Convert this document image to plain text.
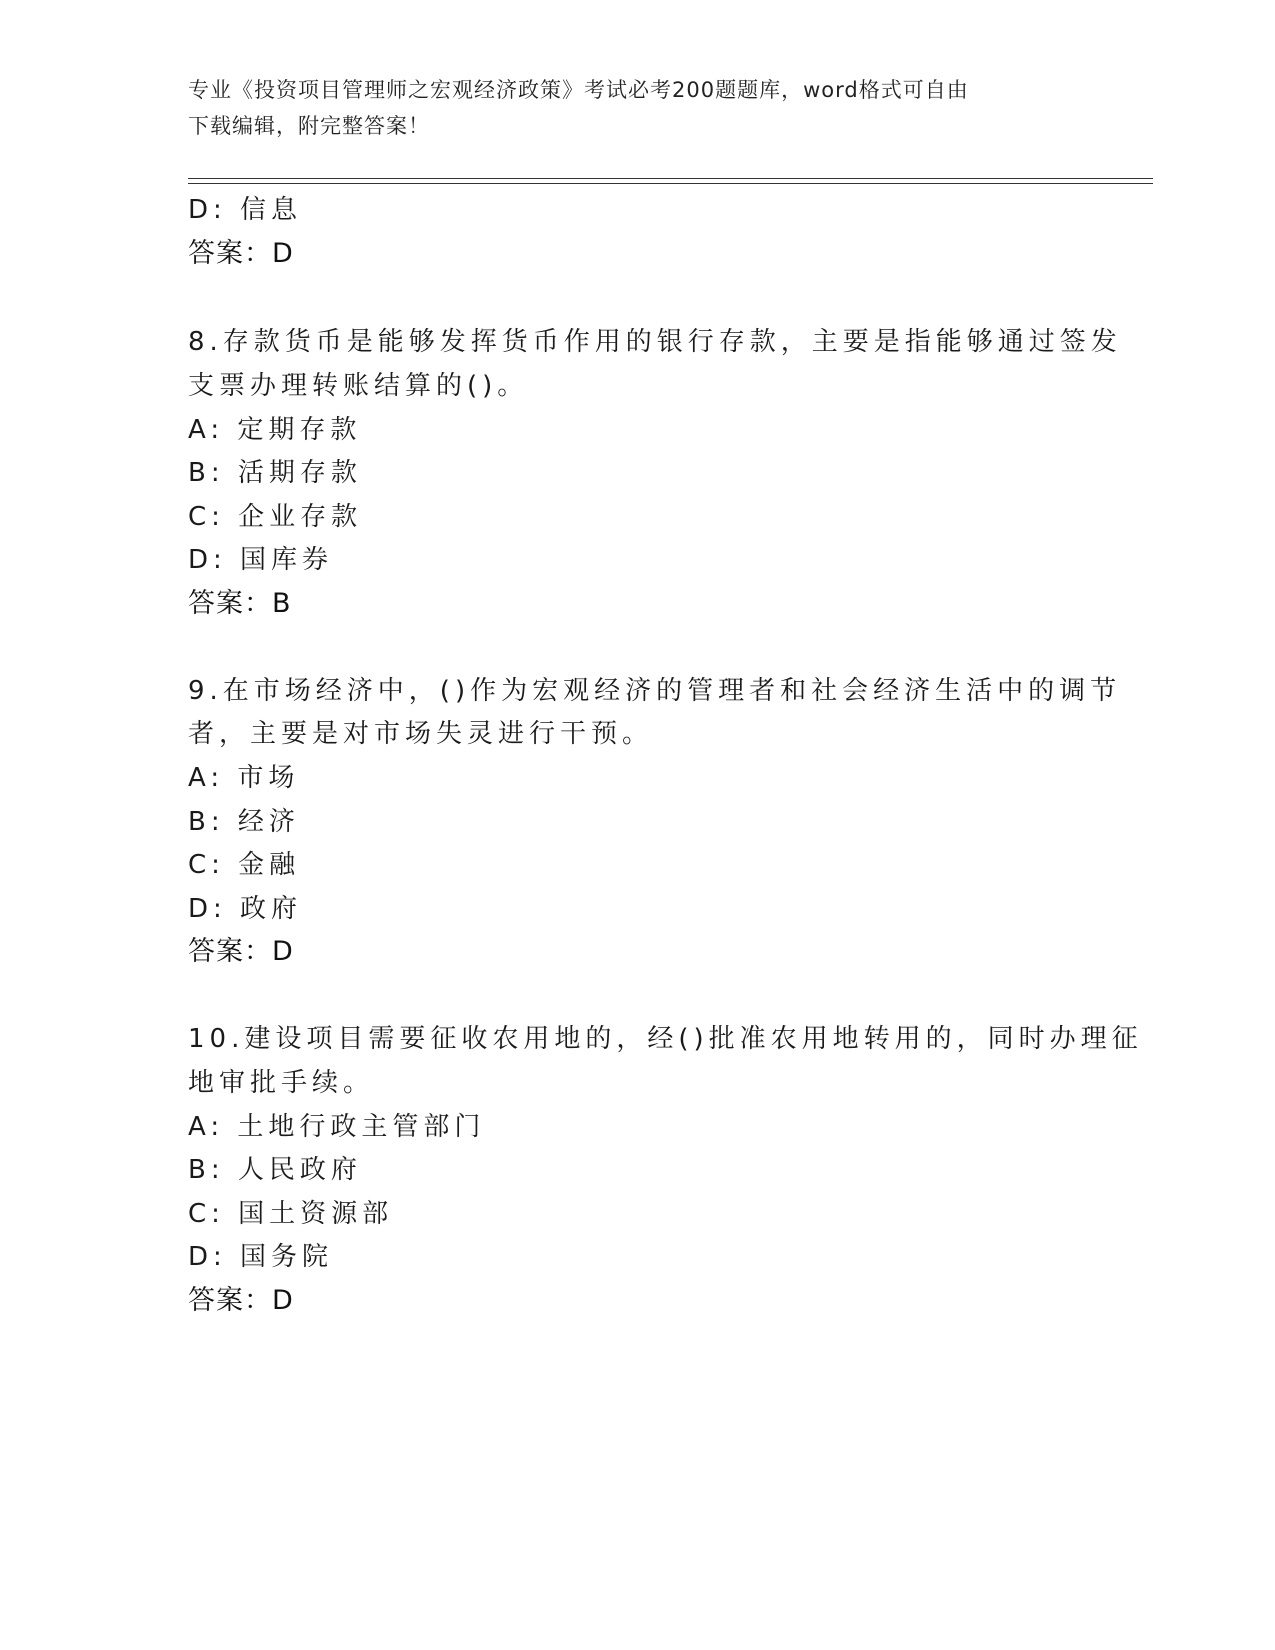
专业《投资项目管理师之宏观经济政策》考试必考200题题库，word格式可自由
下载编辑，附完整答案！
D: 信息
答案：D
8.存款货币是能够发挥货币作用的银行存款，主要是指能够通过签发
支票办理转账结算的()。
A: 定期存款
B: 活期存款
C: 企业存款
D: 国库券
答案：B
9.在市场经济中，()作为宏观经济的管理者和社会经济生活中的调节
者，主要是对市场失灵进行干预。
A: 市场
B: 经济
C: 金融
D: 政府
答案：D
10.建设项目需要征收农用地的，经()批准农用地转用的，同时办理征
地审批手续。
A: 土地行政主管部门
B: 人民政府
C: 国土资源部
D: 国务院
答案：D
